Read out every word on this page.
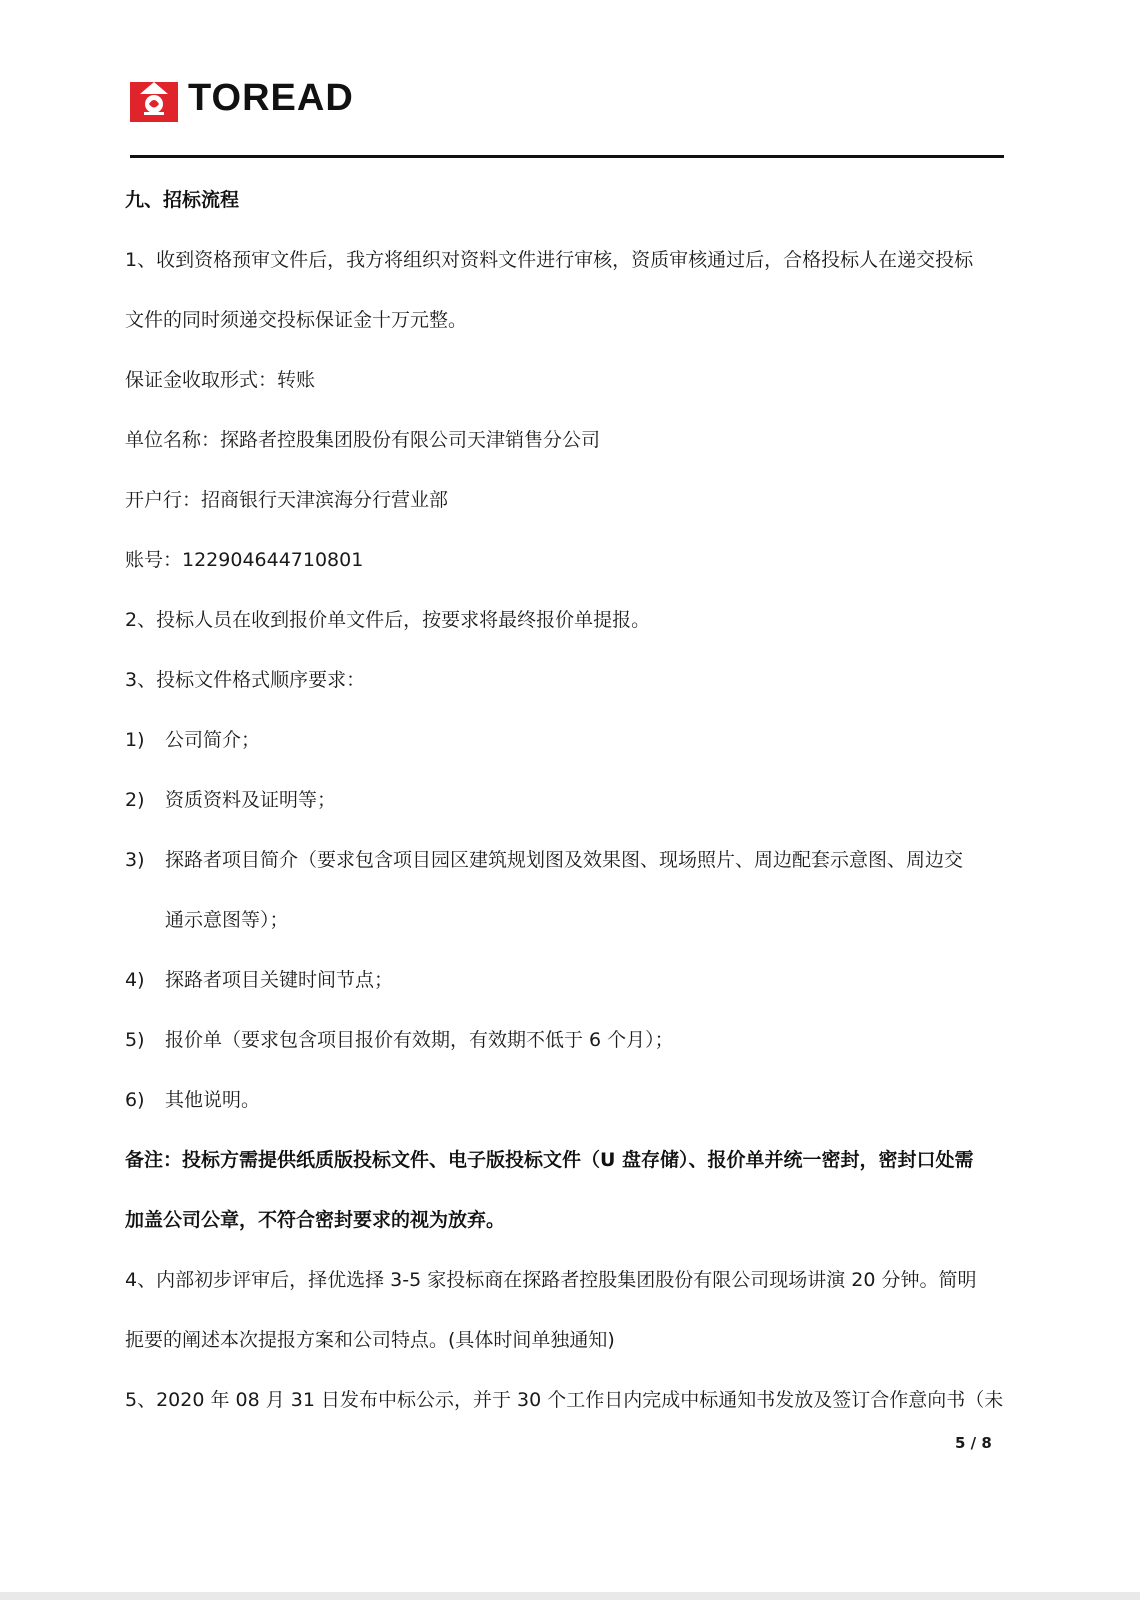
TOREAD
九、招标流程
1、收到资格预审文件后，我方将组织对资料文件进行审核，资质审核通过后，合格投标人在递交投标
文件的同时须递交投标保证金十万元整。
保证金收取形式：转账
单位名称：探路者控股集团股份有限公司天津销售分公司
开户行：招商银行天津滨海分行营业部
账号：122904644710801
2、投标人员在收到报价单文件后，按要求将最终报价单提报。
3、投标文件格式顺序要求：
1)	公司简介；
2)	资质资料及证明等；
3)	探路者项目简介（要求包含项目园区建筑规划图及效果图、现场照片、周边配套示意图、周边交
通示意图等）；
4)	探路者项目关键时间节点；
5)	报价单（要求包含项目报价有效期，有效期不低于 6 个月）；
6)	其他说明。
备注：投标方需提供纸质版投标文件、电子版投标文件（U 盘存储）、报价单并统一密封，密封口处需
加盖公司公章，不符合密封要求的视为放弃。
4、内部初步评审后，择优选择 3-5 家投标商在探路者控股集团股份有限公司现场讲演 20 分钟。简明
扼要的阐述本次提报方案和公司特点。(具体时间单独通知)
5、2020 年 08 月 31 日发布中标公示，并于 30 个工作日内完成中标通知书发放及签订合作意向书（未
5 / 8
